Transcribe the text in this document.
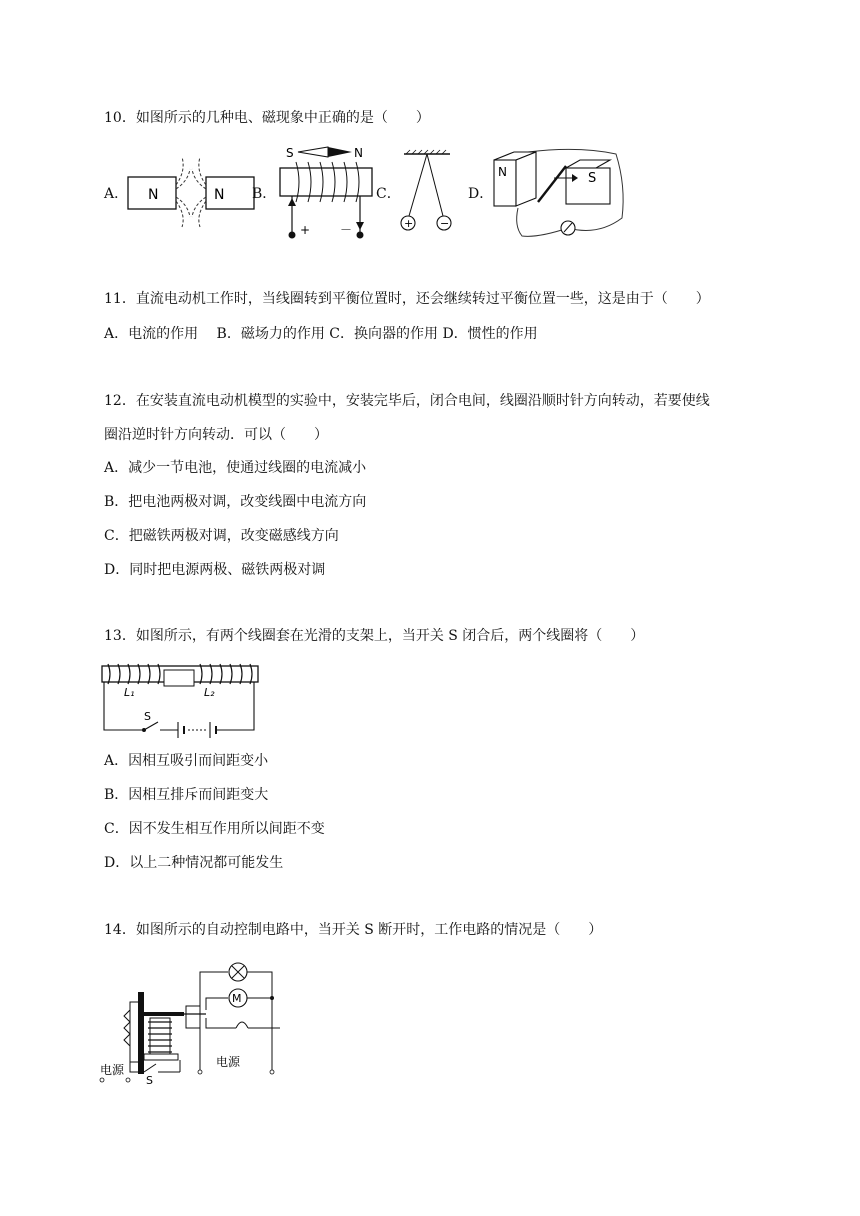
10．如图所示的几种电、磁现象中正确的是（　　）
A． N	N B．
S	N
+ －
C．
+ −
D．
N	S
11．直流电动机工作时，当线圈转到平衡位置时，还会继续转过平衡位置一些，这是由于（　　）
A．电流的作用　 B．磁场力的作用 C．换向器的作用 D．惯性的作用
12．在安装直流电动机模型的实验中，安装完毕后，闭合电间，线圈沿顺时针方向转动，若要使线
圈沿逆时针方向转动．可以（　　）
A．减少一节电池，使通过线圈的电流减小
B．把电池两极对调，改变线圈中电流方向
C．把磁铁两极对调，改变磁感线方向
D．同时把电源两极、磁铁两极对调
13．如图所示，有两个线圈套在光滑的支架上，当开关 S 闭合后，两个线圈将（　　）
L₁	L₂
S
A．因相互吸引而间距变小
B．因相互排斥而间距变大
C．因不发生相互作用所以间距不变
D．以上二种情况都可能发生
14．如图所示的自动控制电路中，当开关 S 断开时，工作电路的情况是（　　）
M
电源
S
电源
